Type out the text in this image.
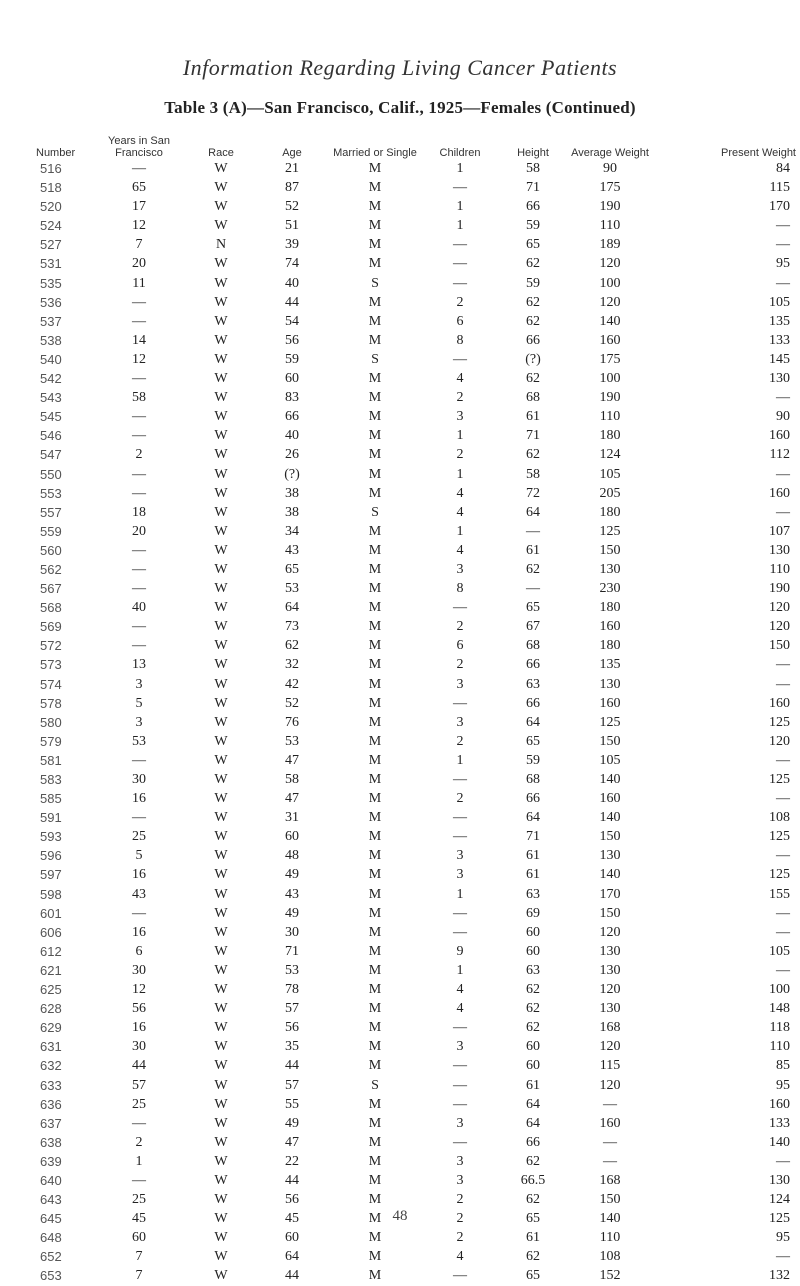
Information Regarding Living Cancer Patients
Table 3 (A)—San Francisco, Calif., 1925—Females (Continued)
Number	Years in San Francisco	Race	Age	Married or Single	Children	Height	Average Weight	Present Weight
516	—	W	21	M	1	58	90	84
518	65	W	87	M	—	71	175	115
520	17	W	52	M	1	66	190	170
524	12	W	51	M	1	59	110	—
527	7	N	39	M	—	65	189	—
531	20	W	74	M	—	62	120	95
535	11	W	40	S	—	59	100	—
536	—	W	44	M	2	62	120	105
537	—	W	54	M	6	62	140	135
538	14	W	56	M	8	66	160	133
540	12	W	59	S	—	(?)	175	145
542	—	W	60	M	4	62	100	130
543	58	W	83	M	2	68	190	—
545	—	W	66	M	3	61	110	90
546	—	W	40	M	1	71	180	160
547	2	W	26	M	2	62	124	112
550	—	W	(?)	M	1	58	105	—
553	—	W	38	M	4	72	205	160
557	18	W	38	S	4	64	180	—
559	20	W	34	M	1	—	125	107
560	—	W	43	M	4	61	150	130
562	—	W	65	M	3	62	130	110
567	—	W	53	M	8	—	230	190
568	40	W	64	M	—	65	180	120
569	—	W	73	M	2	67	160	120
572	—	W	62	M	6	68	180	150
573	13	W	32	M	2	66	135	—
574	3	W	42	M	3	63	130	—
578	5	W	52	M	—	66	160	160
580	3	W	76	M	3	64	125	125
579	53	W	53	M	2	65	150	120
581	—	W	47	M	1	59	105	—
583	30	W	58	M	—	68	140	125
585	16	W	47	M	2	66	160	—
591	—	W	31	M	—	64	140	108
593	25	W	60	M	—	71	150	125
596	5	W	48	M	3	61	130	—
597	16	W	49	M	3	61	140	125
598	43	W	43	M	1	63	170	155
601	—	W	49	M	—	69	150	—
606	16	W	30	M	—	60	120	—
612	6	W	71	M	9	60	130	105
621	30	W	53	M	1	63	130	—
625	12	W	78	M	4	62	120	100
628	56	W	57	M	4	62	130	148
629	16	W	56	M	—	62	168	118
631	30	W	35	M	3	60	120	110
632	44	W	44	M	—	60	115	85
633	57	W	57	S	—	61	120	95
636	25	W	55	M	—	64	—	160
637	—	W	49	M	3	64	160	133
638	2	W	47	M	—	66	—	140
639	1	W	22	M	3	62	—	—
640	—	W	44	M	3	66.5	168	130
643	25	W	56	M	2	62	150	124
645	45	W	45	M	2	65	140	125
648	60	W	60	M	2	61	110	95
652	7	W	64	M	4	62	108	—
653	7	W	44	M	—	65	152	132
48
